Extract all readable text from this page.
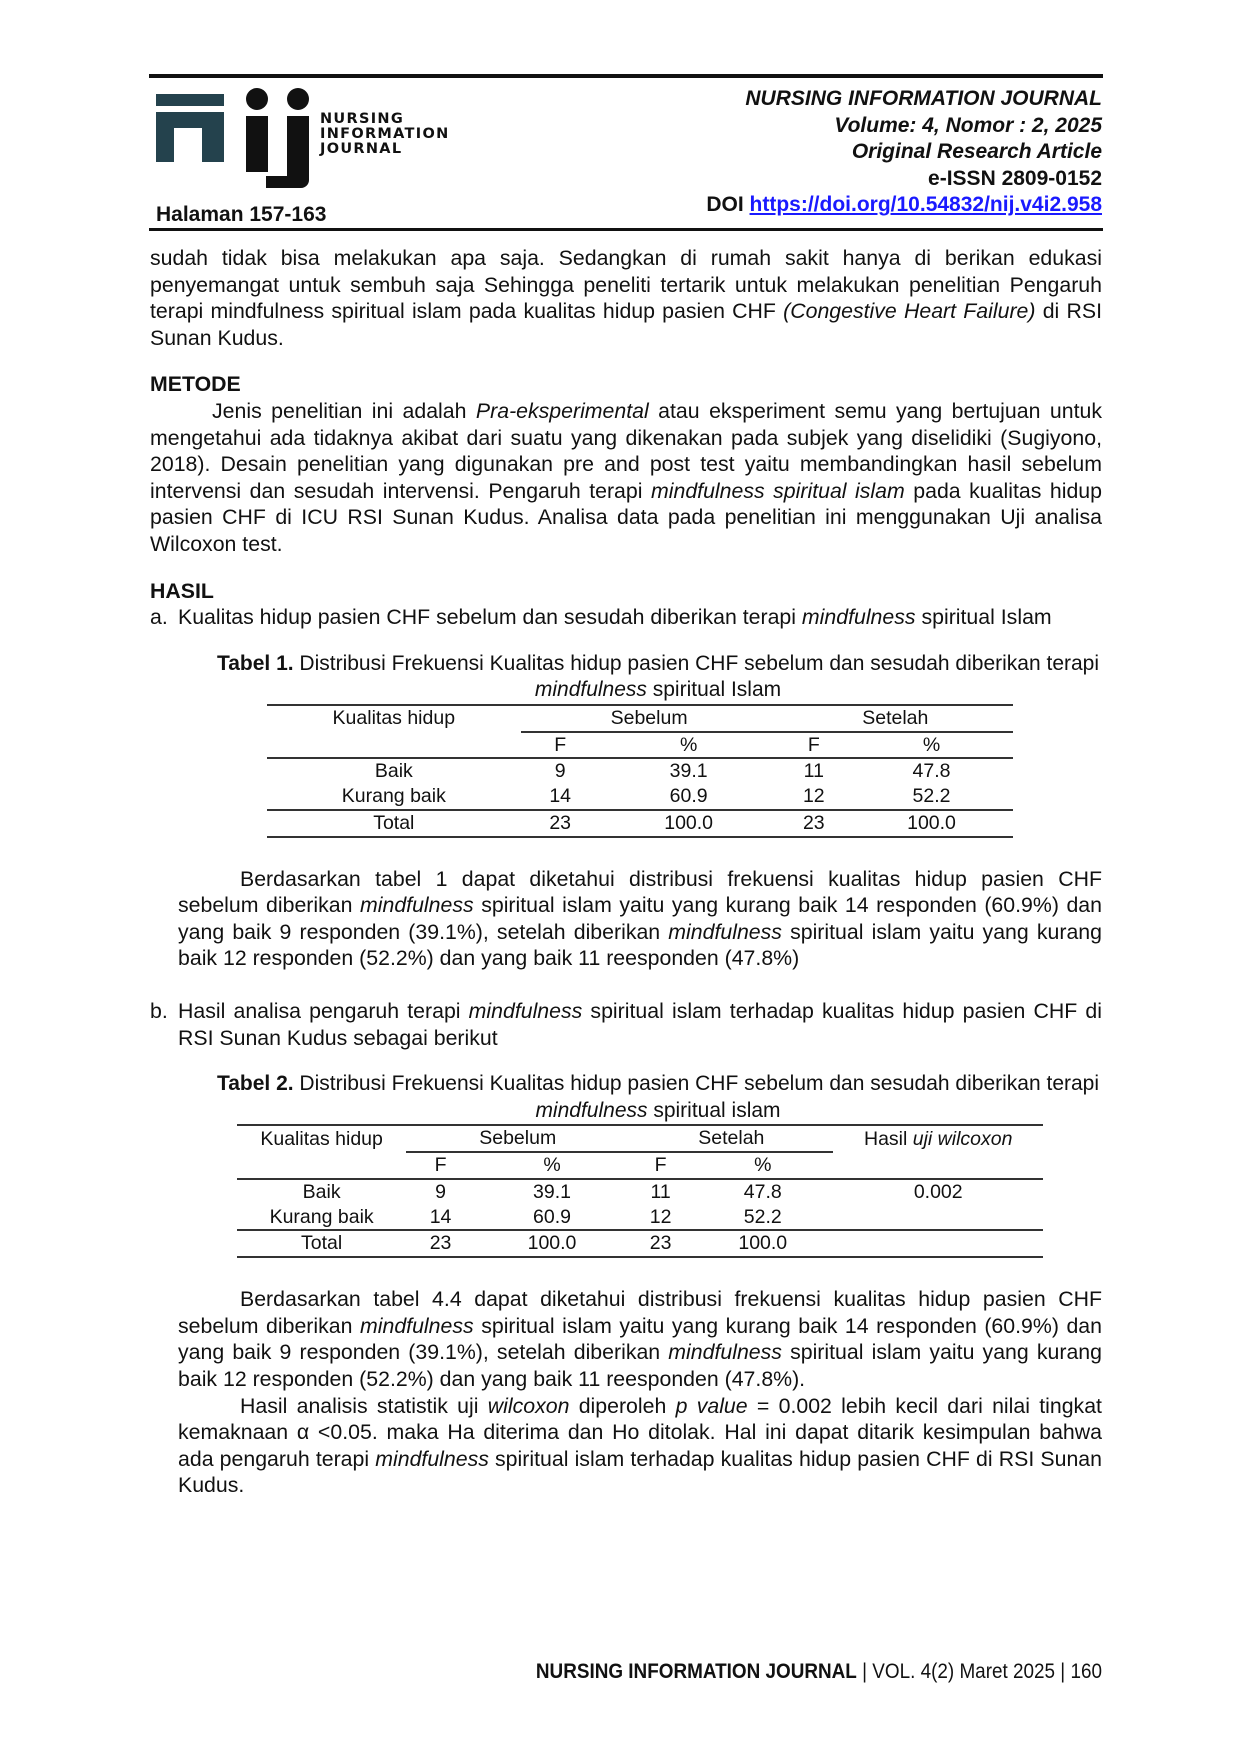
NURSING
INFORMATION
JOURNAL
NURSING INFORMATION JOURNAL
Volume: 4, Nomor : 2, 2025
Original Research Article
e-ISSN 2809-0152
DOI https://doi.org/10.54832/nij.v4i2.958
Halaman 157-163

sudah tidak bisa melakukan apa saja. Sedangkan di rumah sakit hanya di berikan edukasi penyemangat untuk sembuh saja Sehingga peneliti tertarik untuk melakukan penelitian Pengaruh terapi mindfulness spiritual islam pada kualitas hidup pasien CHF (Congestive Heart Failure) di RSI Sunan Kudus.

METODE

Jenis penelitian ini adalah Pra-eksperimental atau eksperiment semu yang bertujuan untuk mengetahui ada tidaknya akibat dari suatu yang dikenakan pada subjek yang diselidiki (Sugiyono, 2018). Desain penelitian yang digunakan pre and post test yaitu membandingkan hasil sebelum intervensi dan sesudah intervensi. Pengaruh terapi mindfulness spiritual islam pada kualitas hidup pasien CHF di ICU RSI Sunan Kudus. Analisa data pada penelitian ini menggunakan Uji analisa Wilcoxon test.

HASIL
a. Kualitas hidup pasien CHF sebelum dan sesudah diberikan terapi mindfulness spiritual Islam

Tabel 1. Distribusi Frekuensi Kualitas hidup pasien CHF sebelum dan sesudah diberikan terapi mindfulness spiritual Islam
Kualitas hidup	Sebelum		Setelah	
	F	%	F	%
Baik	9	39.1	11	47.8
Kurang baik	14	60.9	12	52.2
Total	23	100.0	23	100.0

Berdasarkan tabel 1 dapat diketahui distribusi frekuensi kualitas hidup pasien CHF sebelum diberikan mindfulness spiritual islam yaitu yang kurang baik 14 responden (60.9%) dan yang baik 9 responden (39.1%), setelah diberikan mindfulness spiritual islam yaitu yang kurang baik 12 responden (52.2%) dan yang baik 11 reesponden (47.8%)

b. Hasil analisa pengaruh terapi mindfulness spiritual islam terhadap kualitas hidup pasien CHF di RSI Sunan Kudus sebagai berikut

Tabel 2. Distribusi Frekuensi Kualitas hidup pasien CHF sebelum dan sesudah diberikan terapi mindfulness spiritual islam
Kualitas hidup	Sebelum		Setelah		Hasil uji wilcoxon
	F	%	F	%	
Baik	9	39.1	11	47.8	0.002
Kurang baik	14	60.9	12	52.2	
Total	23	100.0	23	100.0	

Berdasarkan tabel 4.4 dapat diketahui distribusi frekuensi kualitas hidup pasien CHF sebelum diberikan mindfulness spiritual islam yaitu yang kurang baik 14 responden (60.9%) dan yang baik 9 responden (39.1%), setelah diberikan mindfulness spiritual islam yaitu yang kurang baik 12 responden (52.2%) dan yang baik 11 reesponden (47.8%).

Hasil analisis statistik uji wilcoxon diperoleh p value = 0.002 lebih kecil dari nilai tingkat kemaknaan α <0.05. maka Ha diterima dan Ho ditolak. Hal ini dapat ditarik kesimpulan bahwa ada pengaruh terapi mindfulness spiritual islam terhadap kualitas hidup pasien CHF di RSI Sunan Kudus.

NURSING INFORMATION JOURNAL | VOL. 4(2) Maret 2025 | 160
